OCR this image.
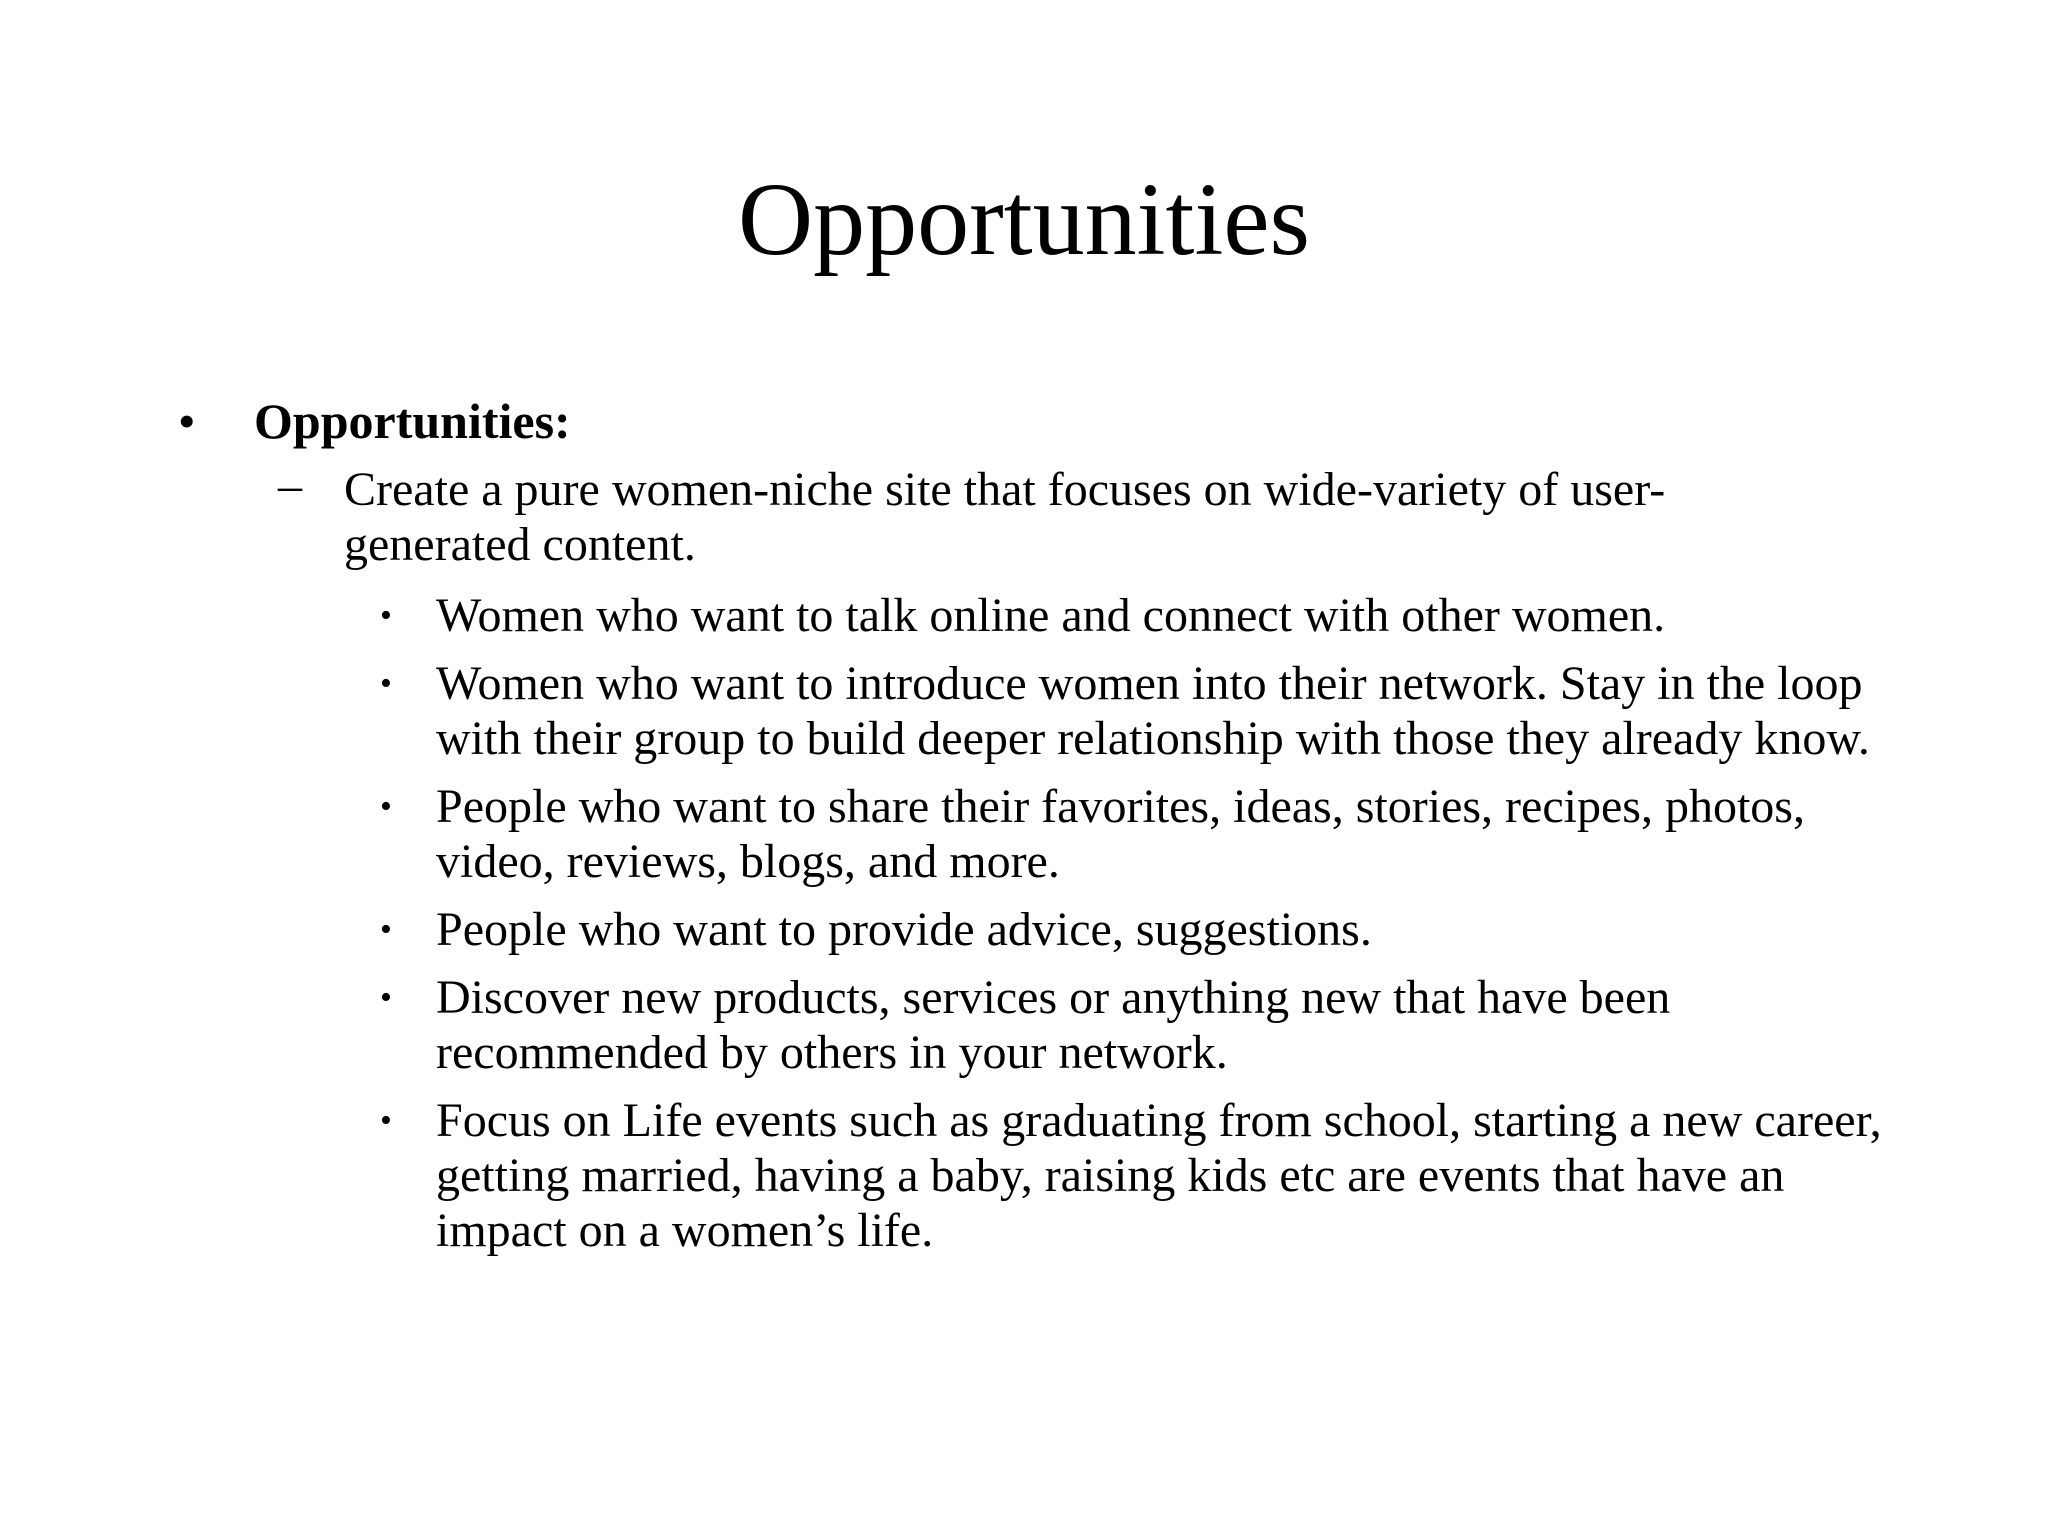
Opportunities
•	Opportunities:
– Create a pure women-niche site that focuses on wide-variety of user-generated content.
• Women who want to talk online and connect with other women.
• Women who want to introduce women into their network. Stay in the loop with their group to build deeper relationship with those they already know.
• People who want to share their favorites, ideas, stories, recipes, photos, video, reviews, blogs, and more.
• People who want to provide advice, suggestions.
• Discover new products, services or anything new that have been recommended by others in your network.
• Focus on Life events such as graduating from school, starting a new career, getting married, having a baby, raising kids etc are events that have an impact on a women’s life.
